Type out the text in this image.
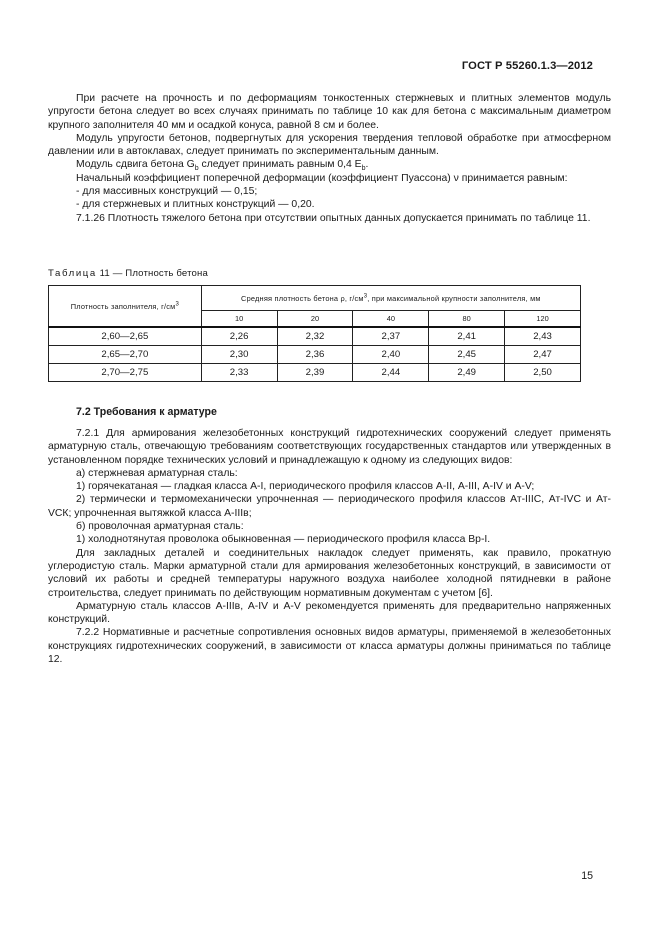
ГОСТ Р 55260.1.3—2012

При расчете на прочность и по деформациям тонкостенных стержневых и плитных элементов модуль упругости бетона следует во всех случаях принимать по таблице 10 как для бетона с максимальным диаметром крупного заполнителя 40 мм и осадкой конуса, равной 8 см и более.

Модуль упругости бетонов, подвергнутых для ускорения твердения тепловой обработке при атмосферном давлении или в автоклавах, следует принимать по экспериментальным данным.

Модуль сдвига бетона $G_b$ следует принимать равным 0,4 $E_b$.

Начальный коэффициент поперечной деформации (коэффициент Пуассона) ν принимается равным:

- для массивных конструкций — 0,15;

- для стержневых и плитных конструкций — 0,20.

7.1.26 Плотность тяжелого бетона при отсутствии опытных данных допускается принимать по таблице 11.

Таблица 11 — Плотность бетона
Плотность заполнителя, $г/см^3$	Средняя плотность бетона ρ, $г/см^3$, при максимальной крупности заполнителя, мм				
	10	20	40	80	120
2,60—2,65	2,26	2,32	2,37	2,41	2,43
2,65—2,70	2,30	2,36	2,40	2,45	2,47
2,70—2,75	2,33	2,39	2,44	2,49	2,50
7.2 Требования к арматуре

7.2.1 Для армирования железобетонных конструкций гидротехнических сооружений следует применять арматурную сталь, отвечающую требованиям соответствующих государственных стандартов или утвержденных в установленном порядке технических условий и принадлежащую к одному из следующих видов:

а) стержневая арматурная сталь:

1) горячекатаная — гладкая класса А-I, периодического профиля классов А-II, А-III, А-IV и А-V;

2) термически и термомеханически упрочненная — периодического профиля классов Ат-IIIС, Ат-IVС и Ат-VСК; упрочненная вытяжкой класса А-IIIв;

б) проволочная арматурная сталь:

1) холоднотянутая проволока обыкновенная — периодического профиля класса Вр-I.

Для закладных деталей и соединительных накладок следует применять, как правило, прокатную углеродистую сталь. Марки арматурной стали для армирования железобетонных конструкций, в зависимости от условий их работы и средней температуры наружного воздуха наиболее холодной пятидневки в районе строительства, следует принимать по действующим нормативным документам с учетом [6].

Арматурную сталь классов А-IIIв, А-IV и А-V рекомендуется применять для предварительно напряженных конструкций.

7.2.2 Нормативные и расчетные сопротивления основных видов арматуры, применяемой в железобетонных конструкциях гидротехнических сооружений, в зависимости от класса арматуры должны приниматься по таблице 12.

15
